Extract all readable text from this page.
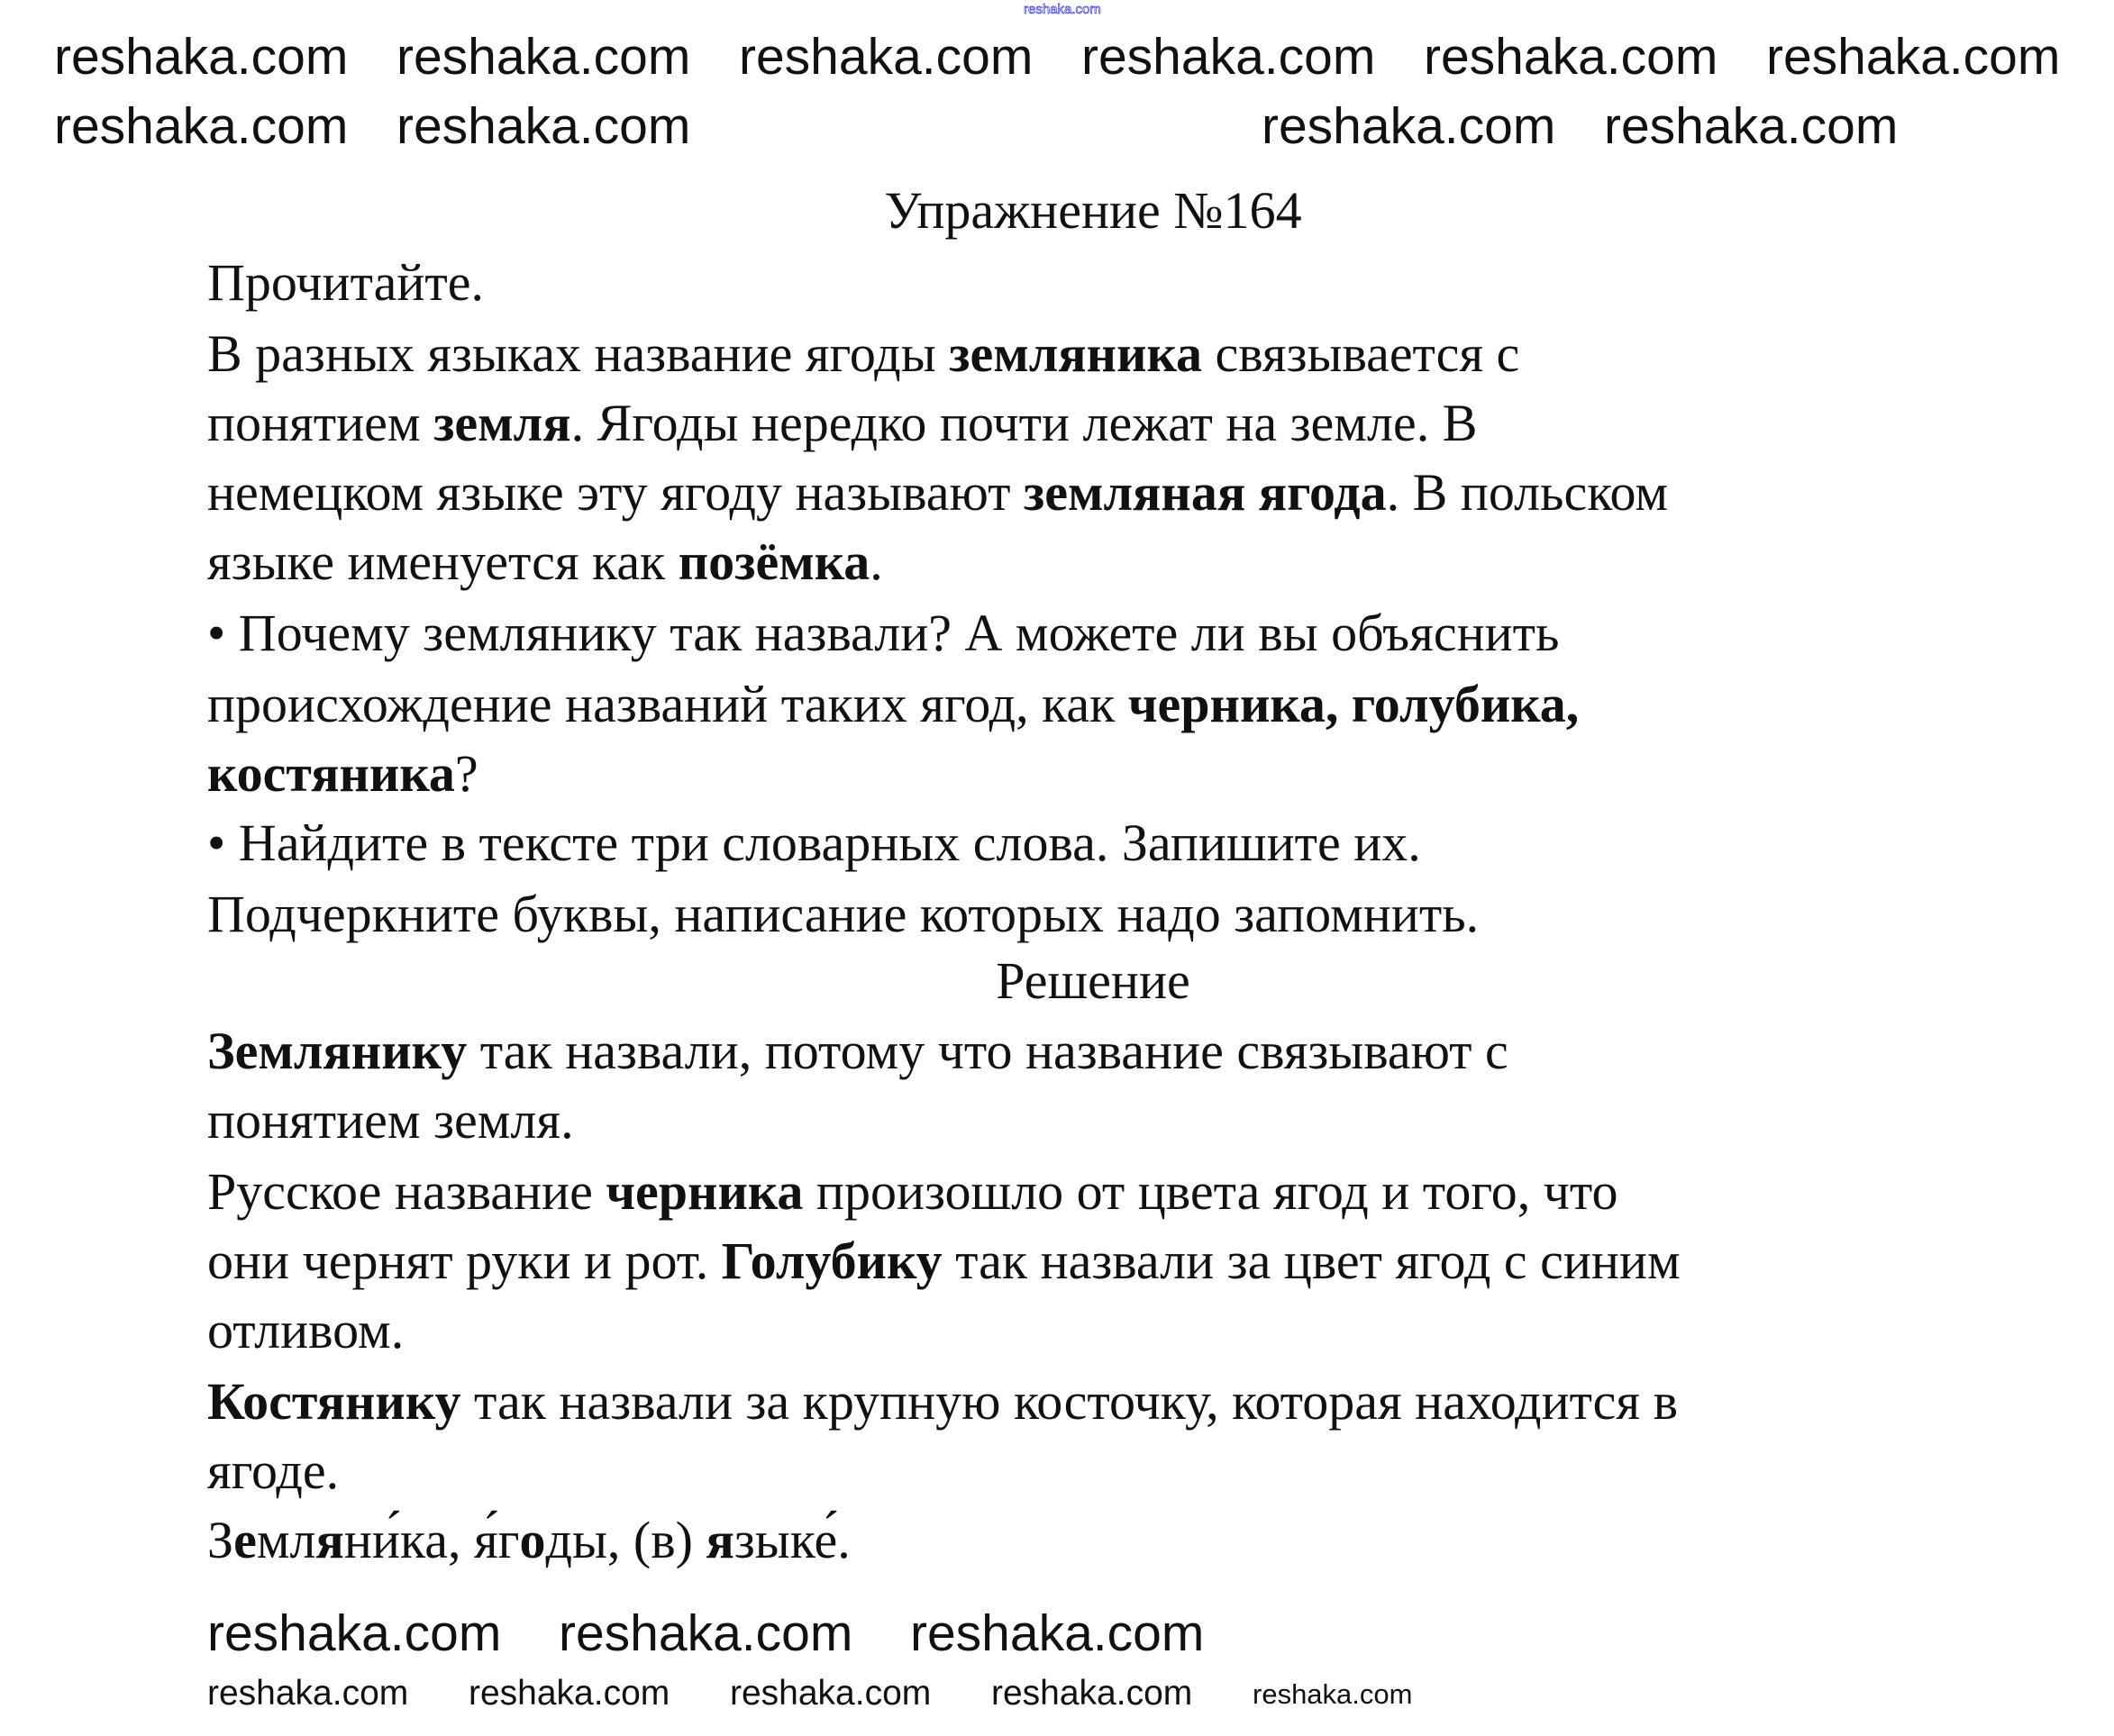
reshaka.com
Упражнение №164
Решение
Прочитайте.
В разных языках название ягоды земляника связывается с
понятием земля. Ягоды нередко почти лежат на земле. В
немецком языке эту ягоду называют земляная ягода. В польском
языке именуется как позёмка.
• Почему землянику так назвали? А можете ли вы объяснить
происхождение названий таких ягод, как черника, голубика,
костяника?
• Найдите в тексте три словарных слова. Запишите их.
Подчеркните буквы, написание которых надо запомнить.
Землянику так назвали, потому что название связывают с
понятием земля.
Русское название черника произошло от цвета ягод и того, что
они чернят руки и рот. Голубику так назвали за цвет ягод с синим
отливом.
Костянику так назвали за крупную косточку, которая находится в
ягоде.
Земляни́ка, я́годы, (в) языке́.
reshaka.com reshaka.com reshaka.com reshaka.com reshaka.com reshaka.com
reshaka.com reshaka.com	reshaka.com reshaka.com
reshaka.com reshaka.com reshaka.com
reshaka.com reshaka.com reshaka.com reshaka.com reshaka.com
